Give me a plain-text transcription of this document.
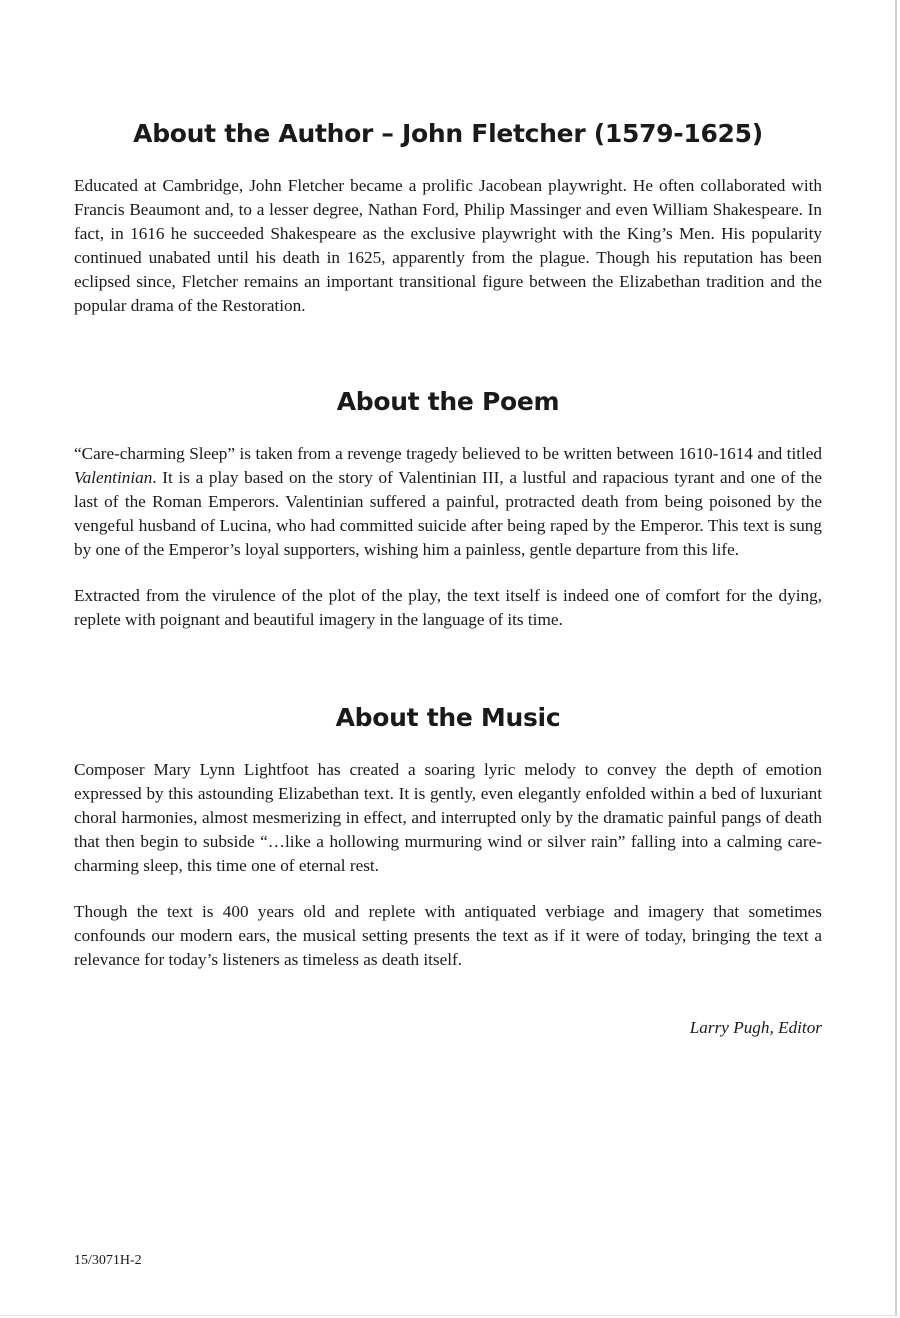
About the Author – John Fletcher (1579-1625)

Educated at Cambridge, John Fletcher became a prolific Jacobean playwright. He often collaborated with Francis Beaumont and, to a lesser degree, Nathan Ford, Philip Massinger and even William Shakespeare. In fact, in 1616 he succeeded Shakespeare as the exclusive playwright with the King’s Men. His popularity continued unabated until his death in 1625, apparently from the plague. Though his reputation has been eclipsed since, Fletcher remains an important transitional figure between the Elizabethan tradition and the popular drama of the Restoration.

About the Poem

“Care-charming Sleep” is taken from a revenge tragedy believed to be written between 1610-1614 and titled Valentinian. It is a play based on the story of Valentinian III, a lustful and rapacious tyrant and one of the last of the Roman Emperors. Valentinian suffered a painful, protracted death from being poisoned by the vengeful husband of Lucina, who had committed suicide after being raped by the Emperor. This text is sung by one of the Emperor’s loyal supporters, wishing him a painless, gentle departure from this life.

Extracted from the virulence of the plot of the play, the text itself is indeed one of comfort for the dying, replete with poignant and beautiful imagery in the language of its time.

About the Music

Composer Mary Lynn Lightfoot has created a soaring lyric melody to convey the depth of emotion expressed by this astounding Elizabethan text. It is gently, even elegantly enfolded within a bed of luxuriant choral harmonies, almost mesmerizing in effect, and interrupted only by the dramatic painful pangs of death that then begin to subside “…like a hollowing murmuring wind or silver rain” falling into a calming care-charming sleep, this time one of eternal rest.

Though the text is 400 years old and replete with antiquated verbiage and imagery that sometimes confounds our modern ears, the musical setting presents the text as if it were of today, bringing the text a relevance for today’s listeners as timeless as death itself.

Larry Pugh, Editor
15/3071H-2
